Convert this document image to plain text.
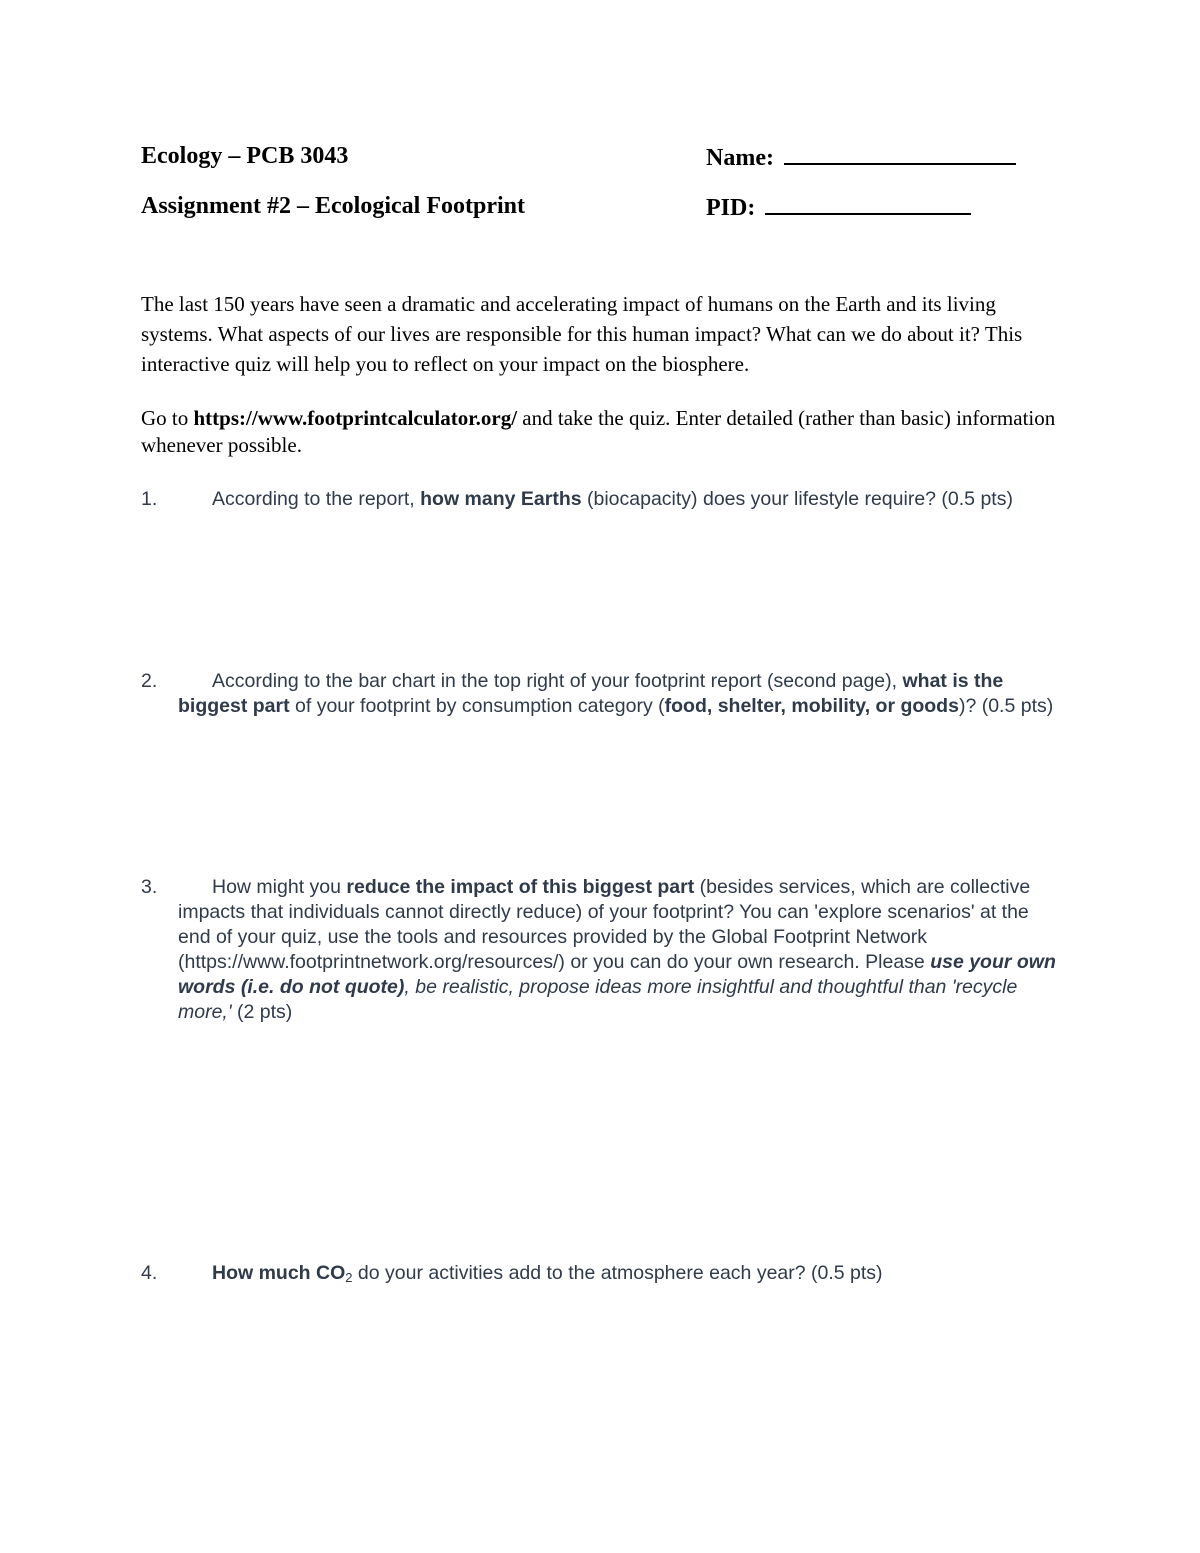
Ecology – PCB 3043
Assignment #2 – Ecological Footprint
Name:
PID:
The last 150 years have seen a dramatic and accelerating impact of humans on the Earth and its living systems. What aspects of our lives are responsible for this human impact? What can we do about it? This interactive quiz will help you to reflect on your impact on the biosphere.
Go to https://www.footprintcalculator.org/ and take the quiz. Enter detailed (rather than basic) information whenever possible.
1.	According to the report, how many Earths (biocapacity) does your lifestyle require? (0.5 pts)
2.	According to the bar chart in the top right of your footprint report (second page), what is the biggest part of your footprint by consumption category (food, shelter, mobility, or goods)? (0.5 pts)
3.	How might you reduce the impact of this biggest part (besides services, which are collective impacts that individuals cannot directly reduce) of your footprint? You can 'explore scenarios' at the end of your quiz, use the tools and resources provided by the Global Footprint Network (https://www.footprintnetwork.org/resources/) or you can do your own research. Please use your own words (i.e. do not quote), be realistic, propose ideas more insightful and thoughtful than 'recycle more,' (2 pts)
4.	How much $CO_2$ do your activities add to the atmosphere each year? (0.5 pts)
